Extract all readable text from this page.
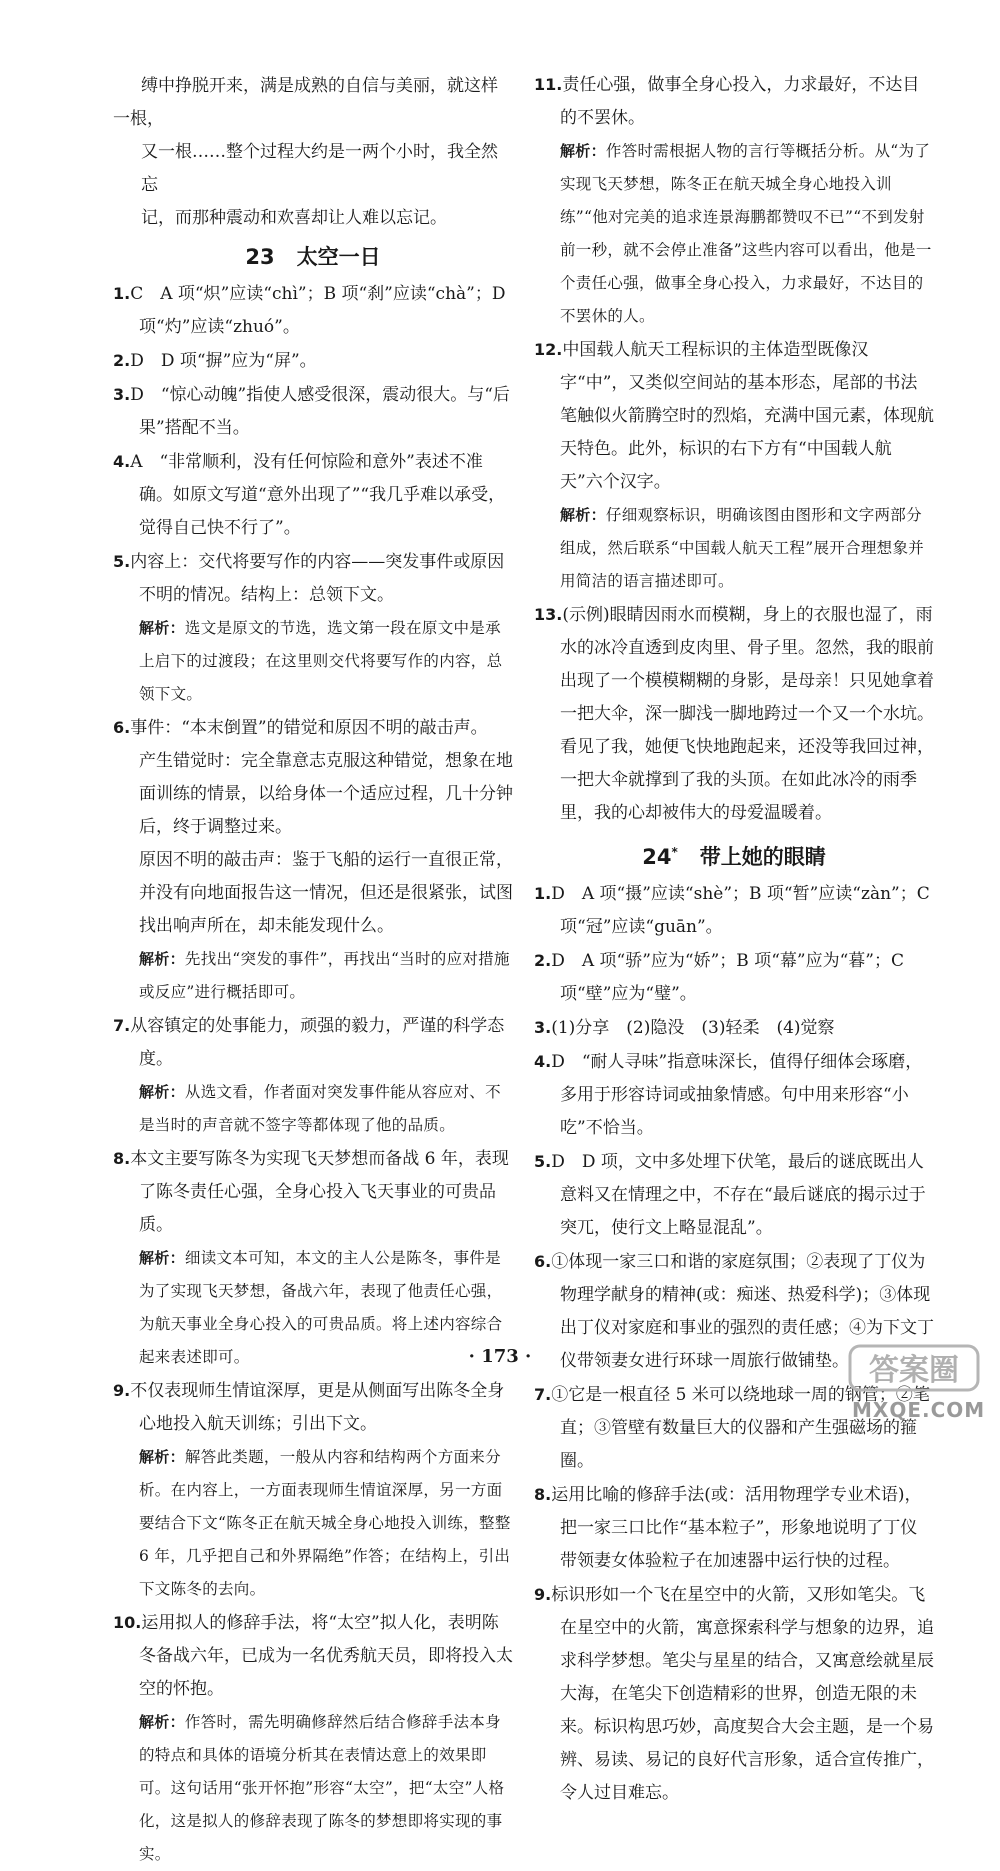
缚中挣脱开来，满是成熟的自信与美丽，就这样一根，
又一根……整个过程大约是一两个小时，我全然忘
记，而那种震动和欢喜却让人难以忘记。
23 太空一日
1.C　A 项“炽”应读“chì”；B 项“刹”应读“chà”；D 项“灼”应读“zhuó”。
2.D　D 项“摒”应为“屏”。
3.D　“惊心动魄”指使人感受很深，震动很大。与“后果”搭配不当。
4.A　“非常顺利，没有任何惊险和意外”表述不准确。如原文写道“意外出现了”“我几乎难以承受，觉得自己快不行了”。
5.内容上：交代将要写作的内容——突发事件或原因不明的情况。结构上：总领下文。
解析：选文是原文的节选，选文第一段在原文中是承上启下的过渡段；在这里则交代将要写作的内容，总领下文。
6.事件：“本末倒置”的错觉和原因不明的敲击声。
产生错觉时：完全靠意志克服这种错觉，想象在地面训练的情景，以给身体一个适应过程，几十分钟后，终于调整过来。
原因不明的敲击声：鉴于飞船的运行一直很正常，并没有向地面报告这一情况，但还是很紧张，试图找出响声所在，却未能发现什么。
解析：先找出“突发的事件”，再找出“当时的应对措施或反应”进行概括即可。
7.从容镇定的处事能力，顽强的毅力，严谨的科学态度。
解析：从选文看，作者面对突发事件能从容应对、不是当时的声音就不签字等都体现了他的品质。
8.本文主要写陈冬为实现飞天梦想而备战 6 年，表现了陈冬责任心强，全身心投入飞天事业的可贵品质。
解析：细读文本可知，本文的主人公是陈冬，事件是为了实现飞天梦想，备战六年，表现了他责任心强，为航天事业全身心投入的可贵品质。将上述内容综合起来表述即可。
9.不仅表现师生情谊深厚，更是从侧面写出陈冬全身心地投入航天训练；引出下文。
解析：解答此类题，一般从内容和结构两个方面来分析。在内容上，一方面表现师生情谊深厚，另一方面要结合下文“陈冬正在航天城全身心地投入训练，整整 6 年，几乎把自己和外界隔绝”作答；在结构上，引出下文陈冬的去向。
10.运用拟人的修辞手法，将“太空”拟人化，表明陈冬备战六年，已成为一名优秀航天员，即将投入太空的怀抱。
解析：作答时，需先明确修辞然后结合修辞手法本身的特点和具体的语境分析其在表情达意上的效果即可。这句话用“张开怀抱”形容“太空”，把“太空”人格化，这是拟人的修辞表现了陈冬的梦想即将实现的事实。
11.责任心强，做事全身心投入，力求最好，不达目的不罢休。
解析：作答时需根据人物的言行等概括分析。从“为了实现飞天梦想，陈冬正在航天城全身心地投入训练”“他对完美的追求连景海鹏都赞叹不已”“不到发射前一秒，就不会停止准备”这些内容可以看出，他是一个责任心强，做事全身心投入，力求最好，不达目的不罢休的人。
12.中国载人航天工程标识的主体造型既像汉字“中”，又类似空间站的基本形态，尾部的书法笔触似火箭腾空时的烈焰，充满中国元素，体现航天特色。此外，标识的右下方有“中国载人航天”六个汉字。
解析：仔细观察标识，明确该图由图形和文字两部分组成，然后联系“中国载人航天工程”展开合理想象并用简洁的语言描述即可。
13.(示例)眼睛因雨水而模糊，身上的衣服也湿了，雨水的冰冷直透到皮肉里、骨子里。忽然，我的眼前出现了一个模模糊糊的身影，是母亲！只见她拿着一把大伞，深一脚浅一脚地跨过一个又一个水坑。看见了我，她便飞快地跑起来，还没等我回过神，一把大伞就撑到了我的头顶。在如此冰冷的雨季里，我的心却被伟大的母爱温暖着。
24* 带上她的眼睛
1.D　A 项“摄”应读“shè”；B 项“暂”应读“zàn”；C 项“冠”应读“guān”。
2.D　A 项“骄”应为“娇”；B 项“幕”应为“暮”；C 项“壁”应为“璧”。
3.(1)分享　(2)隐没　(3)轻柔　(4)觉察
4.D　“耐人寻味”指意味深长，值得仔细体会琢磨，多用于形容诗词或抽象情感。句中用来形容“小吃”不恰当。
5.D　D 项，文中多处埋下伏笔，最后的谜底既出人意料又在情理之中，不存在“最后谜底的揭示过于突兀，使行文上略显混乱”。
6.①体现一家三口和谐的家庭氛围；②表现了丁仪为物理学献身的精神(或：痴迷、热爱科学)；③体现出丁仪对家庭和事业的强烈的责任感；④为下文丁仪带领妻女进行环球一周旅行做铺垫。
7.①它是一根直径 5 米可以绕地球一周的钢管；②笔直；③管壁有数量巨大的仪器和产生强磁场的箍圈。
8.运用比喻的修辞手法(或：活用物理学专业术语)，把一家三口比作“基本粒子”，形象地说明了丁仪带领妻女体验粒子在加速器中运行快的过程。
9.标识形如一个飞在星空中的火箭，又形如笔尖。飞在星空中的火箭，寓意探索科学与想象的边界，追求科学梦想。笔尖与星星的结合，又寓意绘就星辰大海，在笔尖下创造精彩的世界，创造无限的未来。标识构思巧妙，高度契合大会主题，是一个易辨、易读、易记的良好代言形象，适合宣传推广，令人过目难忘。
· 173 ·	答案圈
MXQE.COM
